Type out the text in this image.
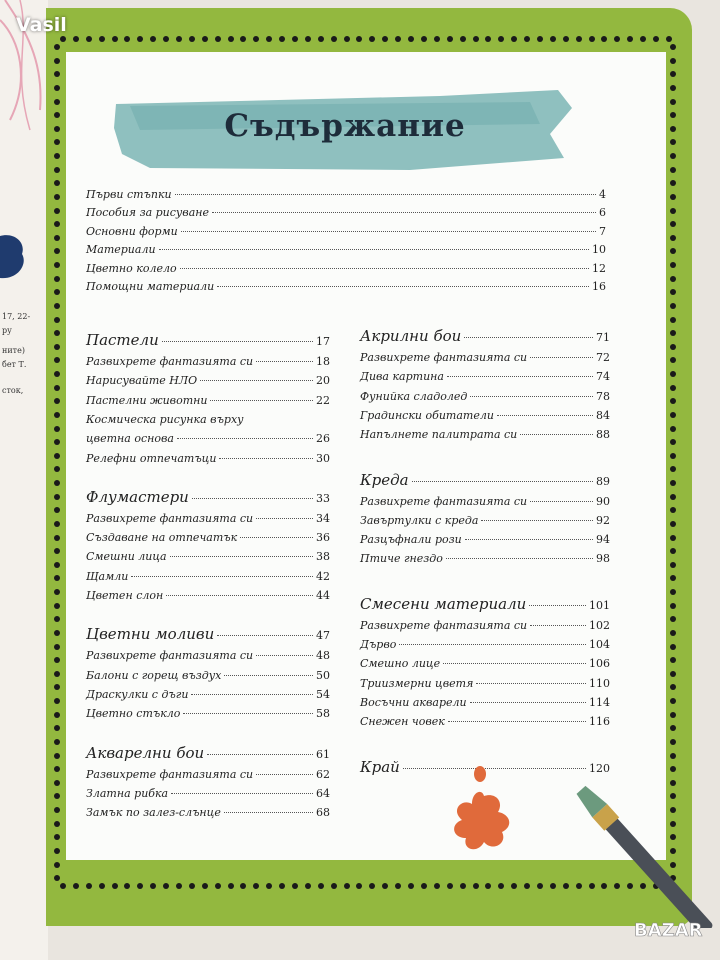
Vasil
17, 22-
ру
ните)
бет Т.
сток,
Съдържание
Първи стъпки	4
Пособия за рисуване	6
Основни форми	7
Материали	10
Цветно колело	12
Помощни материали	16
Пастели	17
Развихрете фантазията си	18
Нарисувайте НЛО	20
Пастелни животни	22
Космическа рисунка върху
цветна основа	26
Релефни отпечатъци	30
Флумастери	33
Развихрете фантазията си	34
Създаване на отпечатък	36
Смешни лица	38
Щамли	42
Цветен слон	44
Цветни моливи	47
Развихрете фантазията си	48
Балони с горещ въздух	50
Драскулки с дъги	54
Цветно стъкло	58
Акварелни бои	61
Развихрете фантазията си	62
Златна рибка	64
Замък по залез-слънце	68
Акрилни бои	71
Развихрете фантазията си	72
Дива картина	74
Фунийка сладолед	78
Градински обитатели	84
Напълнете палитрата си	88
Креда	89
Развихрете фантазията си	90
Завъртулки с креда	92
Разцъфнали рози	94
Птиче гнездо	98
Смесени материали	101
Развихрете фантазията си	102
Дърво	104
Смешно лице	106
Триизмерни цветя	110
Восъчни акварели	114
Снежен човек	116
Край	120
BAZAR
